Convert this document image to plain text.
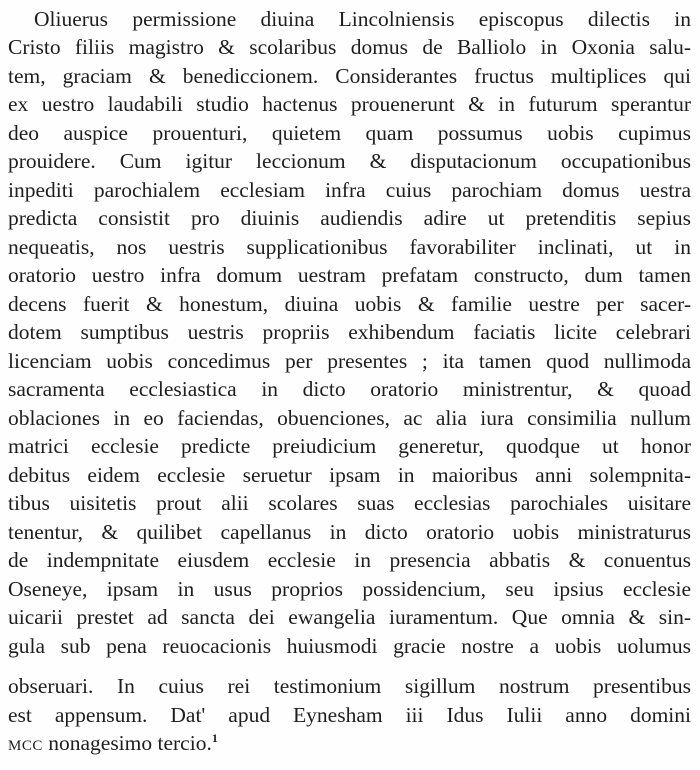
Oliuerus permissione diuina Lincolniensis episcopus dilectis in
Cristo filiis magistro & scolaribus domus de Balliolo in Oxonia salu-
tem, graciam & benediccionem. Considerantes fructus multiplices qui
ex uestro laudabili studio hactenus prouenerunt & in futurum sperantur
deo auspice prouenturi, quietem quam possumus uobis cupimus
prouidere. Cum igitur leccionum & disputacionum occupationibus
inpediti parochialem ecclesiam infra cuius parochiam domus uestra
predicta consistit pro diuinis audiendis adire ut pretenditis sepius
nequeatis, nos uestris supplicationibus favorabiliter inclinati, ut in
oratorio uestro infra domum uestram prefatam constructo, dum tamen
decens fuerit & honestum, diuina uobis & familie uestre per sacer-
dotem sumptibus uestris propriis exhibendum faciatis licite celebrari
licenciam uobis concedimus per presentes ; ita tamen quod nullimoda
sacramenta ecclesiastica in dicto oratorio ministrentur, & quoad
oblaciones in eo faciendas, obuenciones, ac alia iura consimilia nullum
matrici ecclesie predicte preiudicium generetur, quodque ut honor
debitus eidem ecclesie seruetur ipsam in maioribus anni solempnita-
tibus uisitetis prout alii scolares suas ecclesias parochiales uisitare
tenentur, & quilibet capellanus in dicto oratorio uobis ministraturus
de indempnitate eiusdem ecclesie in presencia abbatis & conuentus
Oseneye, ipsam in usus proprios possidencium, seu ipsius ecclesie
uicarii prestet ad sancta dei ewangelia iuramentum. Que omnia & sin-
gula sub pena reuocacionis huiusmodi gracie nostre a uobis uolumus
obseruari. In cuius rei testimonium sigillum nostrum presentibus
est appensum. Dat' apud Eynesham iii Idus Iulii anno domini
mcc nonagesimo tercio.$^1$
